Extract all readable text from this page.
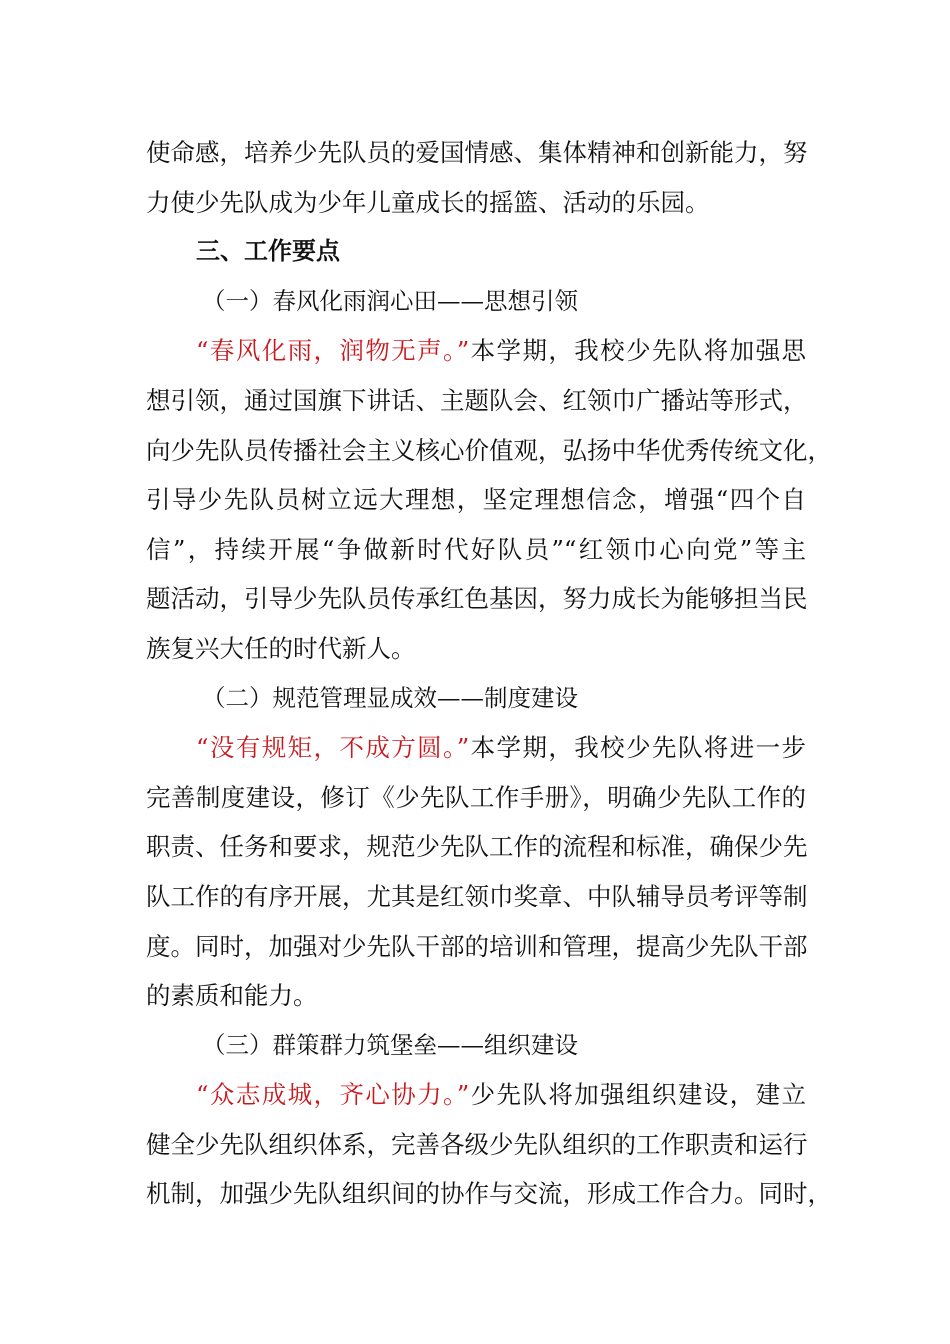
使命感，培养少先队员的爱国情感、集体精神和创新能力，努
力使少先队成为少年儿童成长的摇篮、活动的乐园。
三、工作要点
（一）春风化雨润心田——思想引领
“春风化雨，润物无声。”本学期，我校少先队将加强思
想引领，通过国旗下讲话、主题队会、红领巾广播站等形式，
向少先队员传播社会主义核心价值观，弘扬中华优秀传统文化，
引导少先队员树立远大理想，坚定理想信念，增强“四个自
信”，持续开展“争做新时代好队员”“红领巾心向党”等主
题活动，引导少先队员传承红色基因，努力成长为能够担当民
族复兴大任的时代新人。
（二）规范管理显成效——制度建设
“没有规矩，不成方圆。”本学期，我校少先队将进一步
完善制度建设，修订《少先队工作手册》，明确少先队工作的
职责、任务和要求，规范少先队工作的流程和标准，确保少先
队工作的有序开展，尤其是红领巾奖章、中队辅导员考评等制
度。同时，加强对少先队干部的培训和管理，提高少先队干部
的素质和能力。
（三）群策群力筑堡垒——组织建设
“众志成城，齐心协力。”少先队将加强组织建设，建立
健全少先队组织体系，完善各级少先队组织的工作职责和运行
机制，加强少先队组织间的协作与交流，形成工作合力。同时，
